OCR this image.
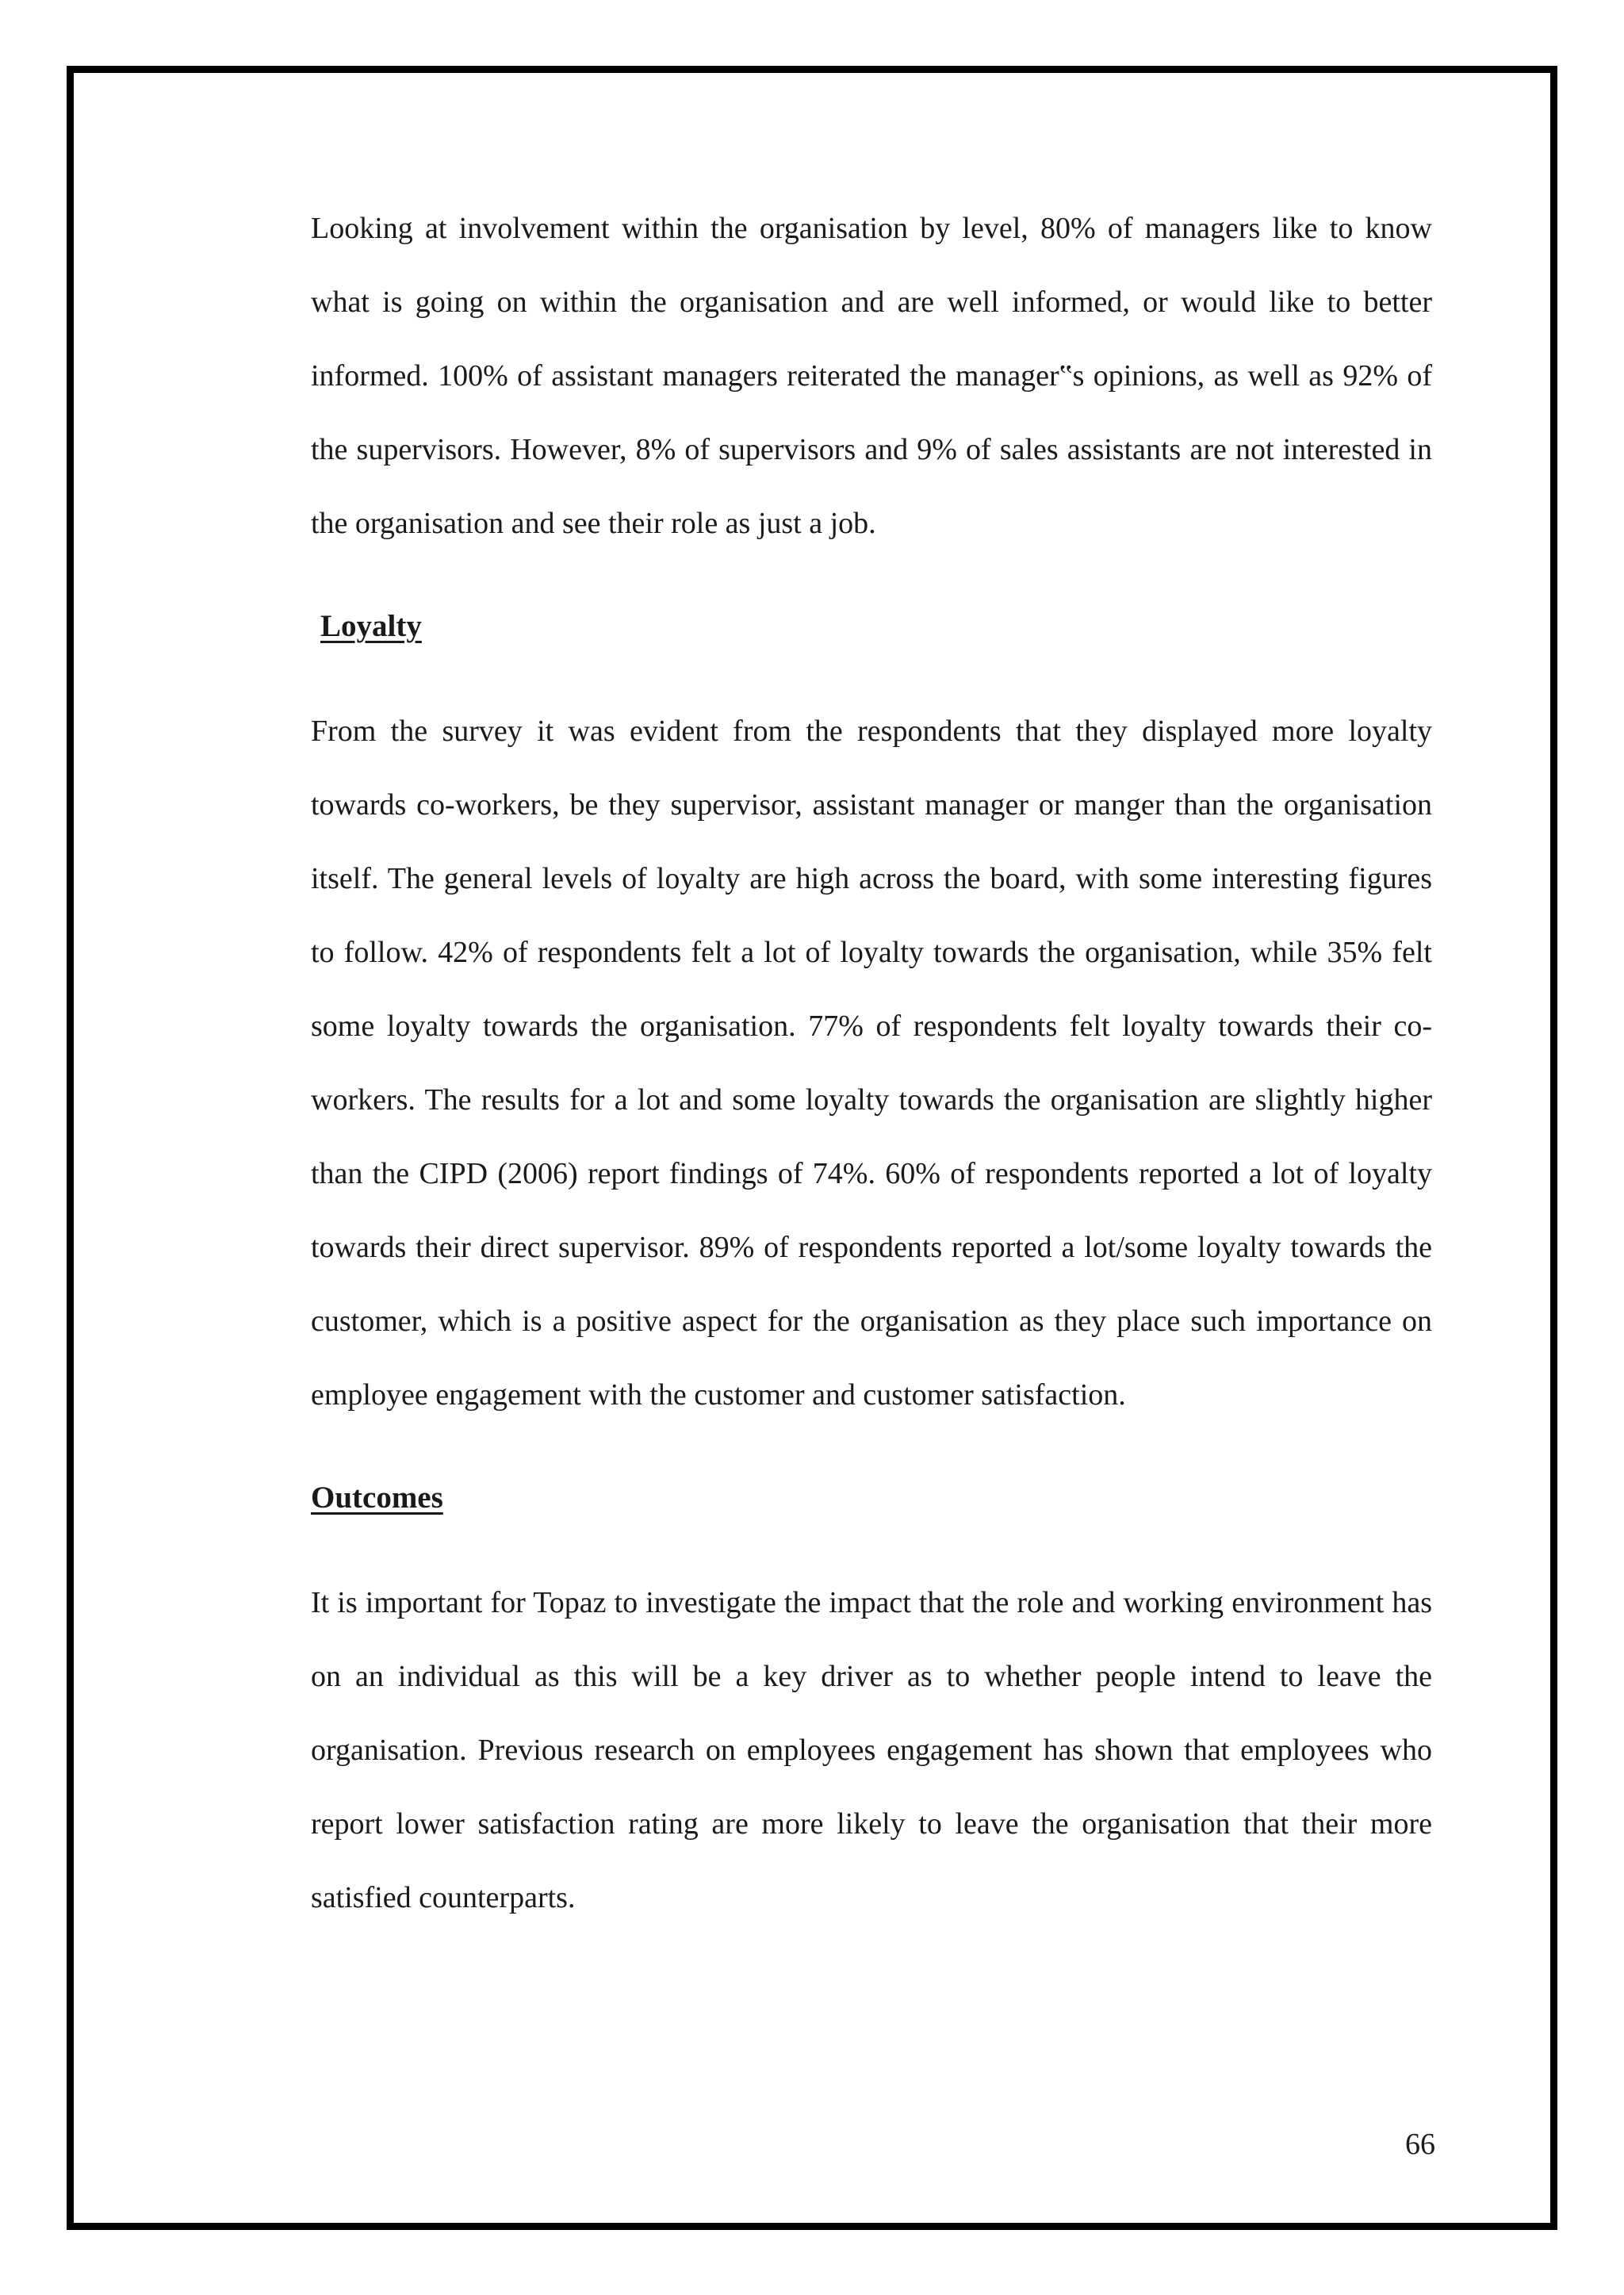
Looking at involvement within the organisation by level, 80% of managers like to know what is going on within the organisation and are well informed, or would like to better informed. 100% of assistant managers reiterated the manager‟s opinions, as well as 92% of the supervisors. However, 8% of supervisors and 9% of sales assistants are not interested in the organisation and see their role as just a job.

Loyalty

From the survey it was evident from the respondents that they displayed more loyalty towards co-workers, be they supervisor, assistant manager or manger than the organisation itself. The general levels of loyalty are high across the board, with some interesting figures to follow. 42% of respondents felt a lot of loyalty towards the organisation, while 35% felt some loyalty towards the organisation. 77% of respondents felt loyalty towards their co-workers. The results for a lot and some loyalty towards the organisation are slightly higher than the CIPD (2006) report findings of 74%. 60% of respondents reported a lot of loyalty towards their direct supervisor. 89% of respondents reported a lot/some loyalty towards the customer, which is a positive aspect for the organisation as they place such importance on employee engagement with the customer and customer satisfaction.

Outcomes

It is important for Topaz to investigate the impact that the role and working environment has on an individual as this will be a key driver as to whether people intend to leave the organisation. Previous research on employees engagement has shown that employees who report lower satisfaction rating are more likely to leave the organisation that their more satisfied counterparts.

66
